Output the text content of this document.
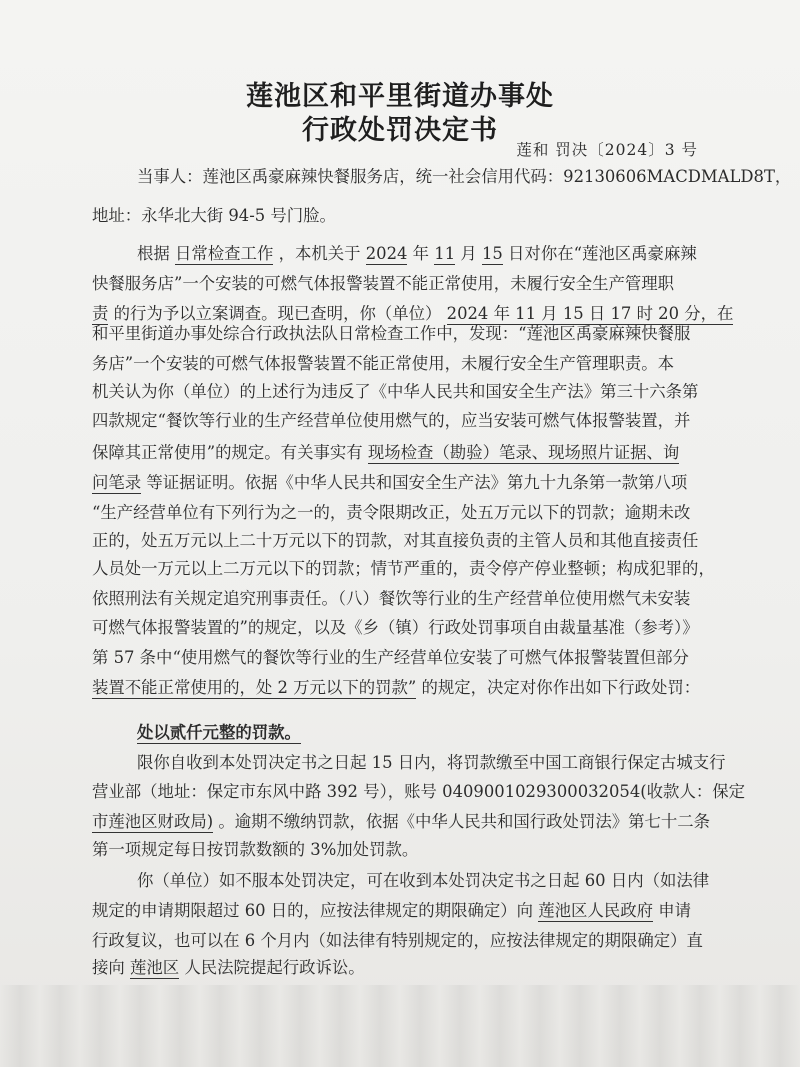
莲池区和平里街道办事处
行政处罚决定书
莲和 罚决〔2024〕3 号
当事人：莲池区禹豪麻辣快餐服务店，统一社会信用代码：92130606MACDMALD8T，
地址：永华北大街 94-5 号门脸。
根据 日常检查工作 ，本机关于 2024 年 11 月 15 日对你在“莲池区禹豪麻辣
快餐服务店”一个安装的可燃气体报警装置不能正常使用，未履行安全生产管理职
责 的行为予以立案调查。现已查明，你（单位） 2024 年 11 月 15 日 17 时 20 分，在
和平里街道办事处综合行政执法队日常检查工作中，发现：“莲池区禹豪麻辣快餐服
务店”一个安装的可燃气体报警装置不能正常使用，未履行安全生产管理职责。本
机关认为你（单位）的上述行为违反了《中华人民共和国安全生产法》第三十六条第
四款规定“餐饮等行业的生产经营单位使用燃气的，应当安装可燃气体报警装置，并
保障其正常使用”的规定。有关事实有 现场检查（勘验）笔录、现场照片证据、询
问笔录 等证据证明。依据《中华人民共和国安全生产法》第九十九条第一款第八项
“生产经营单位有下列行为之一的，责令限期改正，处五万元以下的罚款；逾期未改
正的，处五万元以上二十万元以下的罚款，对其直接负责的主管人员和其他直接责任
人员处一万元以上二万元以下的罚款；情节严重的，责令停产停业整顿；构成犯罪的，
依照刑法有关规定追究刑事责任。（八）餐饮等行业的生产经营单位使用燃气未安装
可燃气体报警装置的”的规定，以及《乡（镇）行政处罚事项自由裁量基准（参考）》
第 57 条中“使用燃气的餐饮等行业的生产经营单位安装了可燃气体报警装置但部分
装置不能正常使用的，处 2 万元以下的罚款” 的规定，决定对你作出如下行政处罚：
处以贰仟元整的罚款。
限你自收到本处罚决定书之日起 15 日内，将罚款缴至中国工商银行保定古城支行
营业部（地址：保定市东风中路 392 号），账号 0409001029300032054(收款人：保定
市莲池区财政局) 。逾期不缴纳罚款，依据《中华人民共和国行政处罚法》第七十二条
第一项规定每日按罚款数额的 3%加处罚款。
你（单位）如不服本处罚决定，可在收到本处罚决定书之日起 60 日内（如法律
规定的申请期限超过 60 日的，应按法律规定的期限确定）向 莲池区人民政府 申请
行政复议，也可以在 6 个月内（如法律有特别规定的，应按法律规定的期限确定）直
接向 莲池区 人民法院提起行政诉讼。
